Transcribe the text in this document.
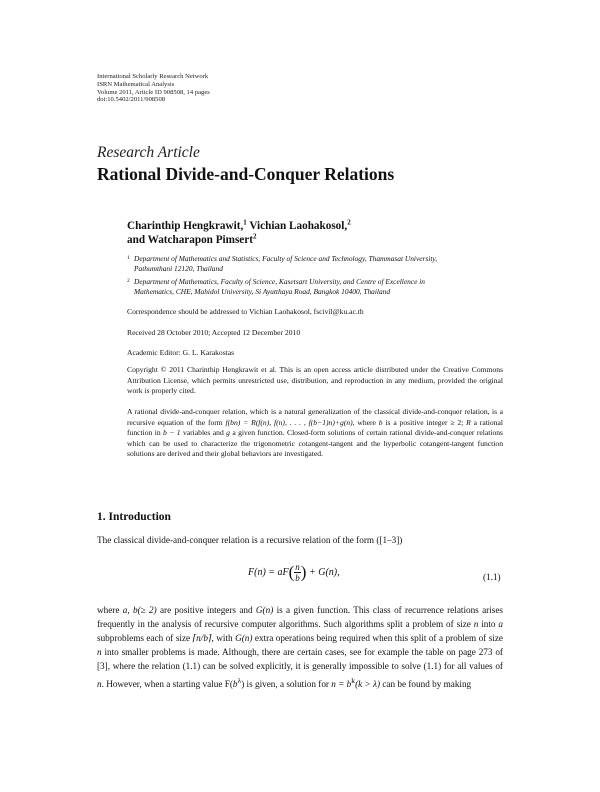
International Scholarly Research Network
ISRN Mathematical Analysis
Volume 2011, Article ID 908508, 14 pages
doi:10.5402/2011/908508
Research Article
Rational Divide-and-Conquer Relations
Charinthip Hengkrawit,$^1$ Vichian Laohakosol,$^2$
and Watcharapon Pimsert$^2$
1 Department of Mathematics and Statistics, Faculty of Science and Technology, Thammasat University,
Pathumthani 12120, Thailand
2 Department of Mathematics, Faculty of Science, Kasetsart University, and Centre of Excellence in
Mathematics, CHE, Mahidol University, Si Ayutthaya Road, Bangkok 10400, Thailand
Correspondence should be addressed to Vichian Laohakosol, fscivil@ku.ac.th
Received 28 October 2010; Accepted 12 December 2010
Academic Editor: G. L. Karakostas
Copyright © 2011 Charinthip Hengkrawit et al. This is an open access article distributed under the Creative Commons Attribution License, which permits unrestricted use, distribution, and reproduction in any medium, provided the original work is properly cited.
A rational divide-and-conquer relation, which is a natural generalization of the classical divide-and-conquer relation, is a recursive equation of the form f(bn) = R(f(n), f(n), . . . , f(b−1)n)+g(n), where b is a positive integer ≥ 2; R a rational function in b − 1 variables and g a given function. Closed-form solutions of certain rational divide-and-conquer relations which can be used to characterize the trigonometric cotangent-tangent and the hyperbolic cotangent-tangent function solutions are derived and their global behaviors are investigated.
1. Introduction
The classical divide-and-conquer relation is a recursive relation of the form ([1–3])
$F(n) = aF( \frac{n}{b}$ ) + G(n),	(1.1)
where a, b(≥ 2) are positive integers and G(n) is a given function. This class of recurrence relations arises frequently in the analysis of recursive computer algorithms. Such algorithms split a problem of size n into a subproblems each of size ⌈n/b⌉, with G(n) extra operations being required when this split of a problem of size n into smaller problems is made. Although, there are certain cases, see for example the table on page 273 of [3], where the relation (1.1) can be solved explicitly, it is generally impossible to solve (1.1) for all values of n. However, when a starting value $F(b^\lambda)$ is given, a solution for $n = b^k(k > \lambda)$ can be found by making
